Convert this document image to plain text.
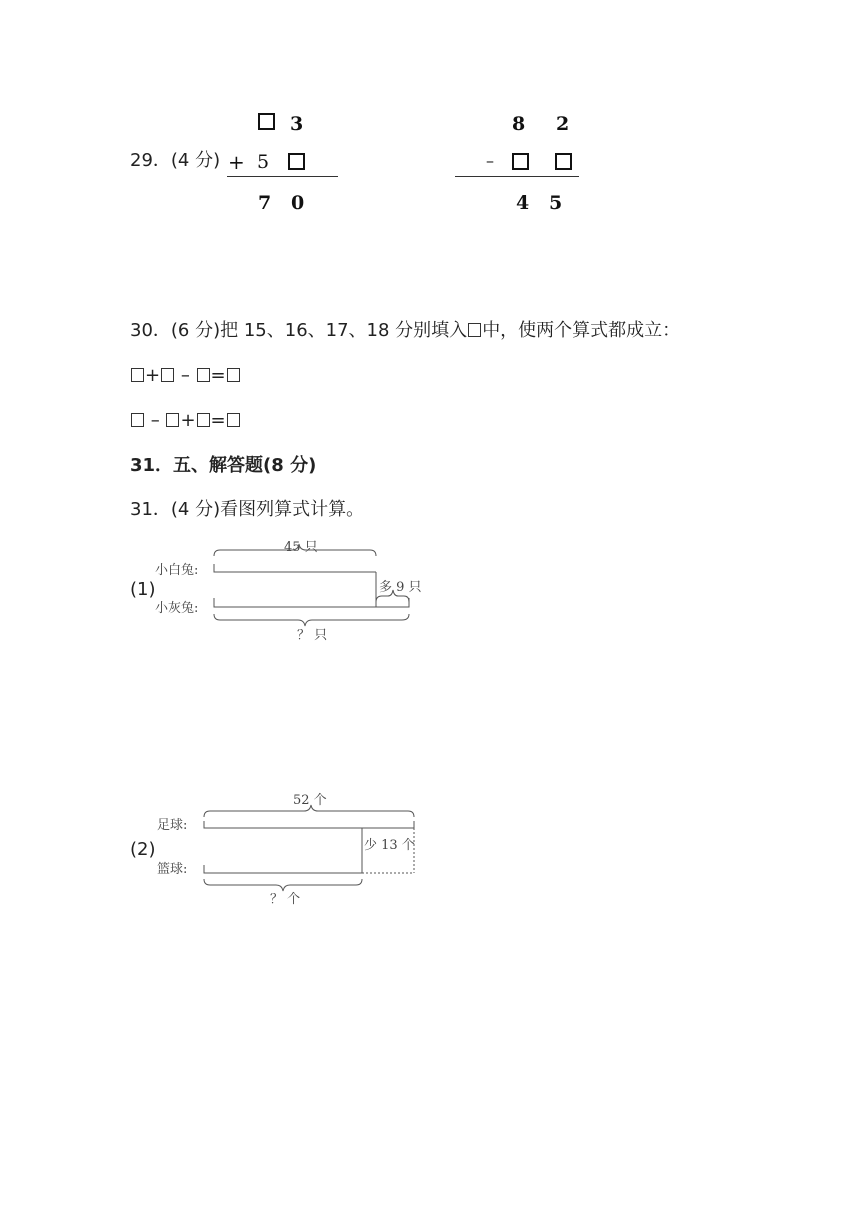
29．(4 分)
3
+ 5
7 0
8 2
–
4 5
30．(6 分)把 15、16、17、18 分别填入 中，使两个算式都成立：
+ – =
– + =
31．五、解答题(8 分)
31．(4 分)看图列算式计算。
(1)
45 只
小白兔:
小灰兔:
多 9 只
？ 只
(2)
52 个
足球:
篮球:
少 13 个
？ 个
